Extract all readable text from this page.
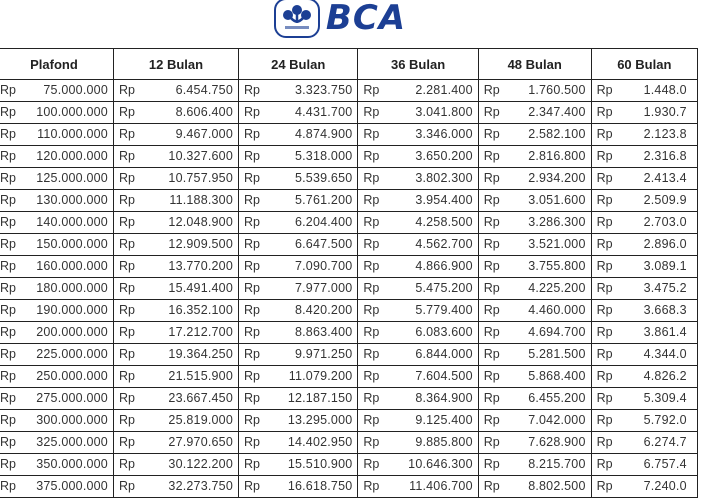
BCA
Plafond	12 Bulan	24 Bulan	36 Bulan	48 Bulan	60 Bulan

Rp 75.000.000	Rp 6.454.750	Rp 3.323.750	Rp 2.281.400	Rp 1.760.500	Rp 1.448.0

Rp 100.000.000	Rp 8.606.400	Rp 4.431.700	Rp 3.041.800	Rp 2.347.400	Rp 1.930.7

Rp 110.000.000	Rp 9.467.000	Rp 4.874.900	Rp 3.346.000	Rp 2.582.100	Rp 2.123.8

Rp 120.000.000	Rp 10.327.600	Rp 5.318.000	Rp 3.650.200	Rp 2.816.800	Rp 2.316.8

Rp 125.000.000	Rp 10.757.950	Rp 5.539.650	Rp 3.802.300	Rp 2.934.200	Rp 2.413.4

Rp 130.000.000	Rp 11.188.300	Rp 5.761.200	Rp 3.954.400	Rp 3.051.600	Rp 2.509.9

Rp 140.000.000	Rp 12.048.900	Rp 6.204.400	Rp 4.258.500	Rp 3.286.300	Rp 2.703.0

Rp 150.000.000	Rp 12.909.500	Rp 6.647.500	Rp 4.562.700	Rp 3.521.000	Rp 2.896.0

Rp 160.000.000	Rp 13.770.200	Rp 7.090.700	Rp 4.866.900	Rp 3.755.800	Rp 3.089.1

Rp 180.000.000	Rp 15.491.400	Rp 7.977.000	Rp 5.475.200	Rp 4.225.200	Rp 3.475.2

Rp 190.000.000	Rp 16.352.100	Rp 8.420.200	Rp 5.779.400	Rp 4.460.000	Rp 3.668.3

Rp 200.000.000	Rp 17.212.700	Rp 8.863.400	Rp 6.083.600	Rp 4.694.700	Rp 3.861.4

Rp 225.000.000	Rp 19.364.250	Rp 9.971.250	Rp 6.844.000	Rp 5.281.500	Rp 4.344.0

Rp 250.000.000	Rp 21.515.900	Rp 11.079.200	Rp 7.604.500	Rp 5.868.400	Rp 4.826.2

Rp 275.000.000	Rp 23.667.450	Rp 12.187.150	Rp 8.364.900	Rp 6.455.200	Rp 5.309.4

Rp 300.000.000	Rp 25.819.000	Rp 13.295.000	Rp 9.125.400	Rp 7.042.000	Rp 5.792.0

Rp 325.000.000	Rp 27.970.650	Rp 14.402.950	Rp 9.885.800	Rp 7.628.900	Rp 6.274.7

Rp 350.000.000	Rp 30.122.200	Rp 15.510.900	Rp 10.646.300	Rp 8.215.700	Rp 6.757.4

Rp 375.000.000	Rp 32.273.750	Rp 16.618.750	Rp 11.406.700	Rp 8.802.500	Rp 7.240.0
